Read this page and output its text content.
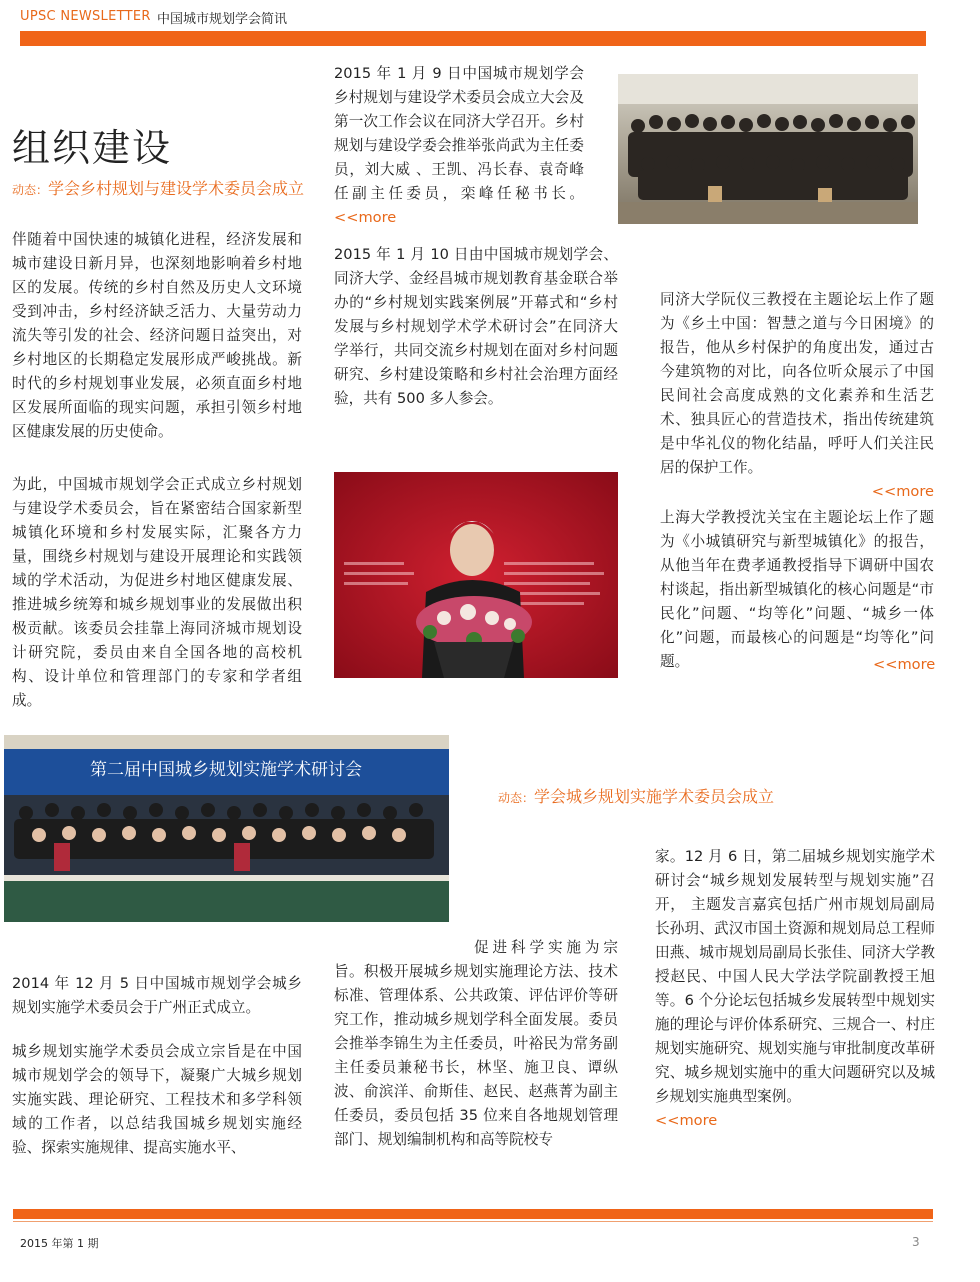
UPSC NEWSLETTER 中国城市规划学会简讯
组织建设
动态：学会乡村规划与建设学术委员会成立

伴随着中国快速的城镇化进程，经济发展和城市建设日新月异，也深刻地影响着乡村地区的发展。传统的乡村自然及历史人文环境受到冲击，乡村经济缺乏活力、大量劳动力流失等引发的社会、经济问题日益突出，对乡村地区的长期稳定发展形成严峻挑战。新时代的乡村规划事业发展，必须直面乡村地区发展所面临的现实问题，承担引领乡村地区健康发展的历史使命。

为此，中国城市规划学会正式成立乡村规划与建设学术委员会，旨在紧密结合国家新型城镇化环境和乡村发展实际，汇聚各方力量，围绕乡村规划与建设开展理论和实践领域的学术活动，为促进乡村地区健康发展、推进城乡统筹和城乡规划事业的发展做出积极贡献。该委员会挂靠上海同济城市规划设计研究院，委员由来自全国各地的高校机构、设计单位和管理部门的专家和学者组成。

2015 年 1 月 9 日中国城市规划学会乡村规划与建设学术委员会成立大会及第一次工作会议在同济大学召开。乡村规划与建设学委会推举张尚武为主任委员，刘大威 、王凯、冯长春、袁奇峰任副主任委员，栾峰任秘书长。 <<more

2015 年 1 月 10 日由中国城市规划学会、同济大学、金经昌城市规划教育基金联合举办的“乡村规划实践案例展”开幕式和“乡村发展与乡村规划学术学术研讨会”在同济大学举行，共同交流乡村规划在面对乡村问题研究、乡村建设策略和乡村社会治理方面经验，共有 500 多人参会。

同济大学阮仪三教授在主题论坛上作了题为《乡土中国：智慧之道与今日困境》的报告，他从乡村保护的角度出发，通过古今建筑物的对比，向各位听众展示了中国民间社会高度成熟的文化素养和生活艺术、独具匠心的营造技术，指出传统建筑是中华礼仪的物化结晶，呼吁人们关注民居的保护工作。

<<more

上海大学教授沈关宝在主题论坛上作了题为《小城镇研究与新型城镇化》的报告，从他当年在费孝通教授指导下调研中国农村谈起，指出新型城镇化的核心问题是“市民化”问题、“均等化”问题、“城乡一体化”问题，而最核心的问题是“均等化”问题。	<<more
第二届中国城乡规划实施学术研讨会
动态：学会城乡规划实施学术委员会成立

2014 年 12 月 5 日中国城市规划学会城乡规划实施学术委员会于广州正式成立。

城乡规划实施学术委员会成立宗旨是在中国城市规划学会的领导下，凝聚广大城乡规划实施实践、理论研究、工程技术和多学科领域的工作者，以总结我国城乡规划实施经验、探索实施规律、提高实施水平、

促进科学实施为宗旨。积极开展城乡规划实施理论方法、技术标准、管理体系、公共政策、评估评价等研究工作，推动城乡规划学科全面发展。委员会推举李锦生为主任委员，叶裕民为常务副主任委员兼秘书长，林坚、施卫良、谭纵波、俞滨洋、俞斯佳、赵民、赵燕菁为副主任委员，委员包括 35 位来自各地规划管理部门、规划编制机构和高等院校专

家。12 月 6 日，第二届城乡规划实施学术研讨会“城乡规划发展转型与规划实施”召开， 主题发言嘉宾包括广州市规划局副局长孙玥、武汉市国土资源和规划局总工程师田燕、城市规划局副局长张佳、同济大学教授赵民、中国人民大学法学院副教授王旭等。6 个分论坛包括城乡发展转型中规划实施的理论与评价体系研究、三规合一、村庄规划实施研究、规划实施与审批制度改革研究、城乡规划实施中的重大问题研究以及城乡规划实施典型案例。

<<more
2015 年第 1 期	3
